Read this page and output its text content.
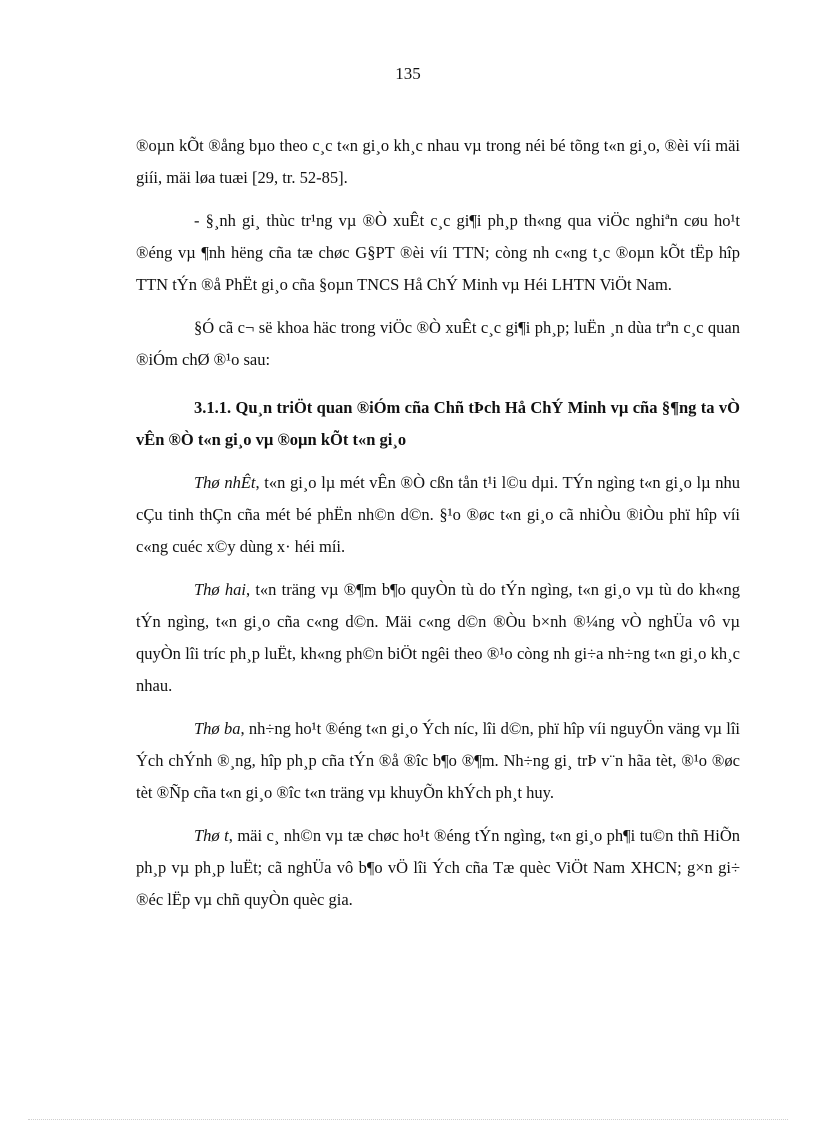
135

®oµn kÕt ®ång bµo theo c¸c t«n gi¸o kh¸c nhau vµ trong néi bé tõng t«n gi¸o, ®èi víi mäi giíi, mäi løa tuæi [29, tr. 52-85].

- §¸nh gi¸ thùc tr¹ng vµ ®Ò xuÊt c¸c gi¶i ph¸p th«ng qua viÖc nghiªn cøu ho¹t ®éng vµ ¶nh hëng cña tæ chøc G§PT ®èi víi TTN; còng nh c«ng t¸c ®oµn kÕt tËp hîp TTN tÝn ®å PhËt gi¸o cña §oµn TNCS Hå ChÝ Minh vµ Héi LHTN ViÖt Nam.

§Ó cã c¬ së khoa häc trong viÖc ®Ò xuÊt c¸c gi¶i ph¸p; luËn ¸n dùa trªn c¸c quan ®iÓm chØ ®¹o sau:

3.1.1. Qu¸n triÖt quan ®iÓm cña Chñ tÞch Hå ChÝ Minh vµ cña §¶ng ta vÒ vÊn ®Ò t«n gi¸o vµ ®oµn kÕt t«n gi¸o

Thø nhÊt, t«n gi¸o lµ mét vÊn ®Ò cßn tån t¹i l©u dµi. TÝn ngìng t«n gi¸o lµ nhu cÇu tinh thÇn cña mét bé phËn nh©n d©n. §¹o ®øc t«n gi¸o cã nhiÒu ®iÒu phï hîp víi c«ng cuéc x©y dùng x· héi míi.

Thø hai, t«n träng vµ ®¶m b¶o quyÒn tù do tÝn ngìng, t«n gi¸o vµ tù do kh«ng tÝn ngìng, t«n gi¸o cña c«ng d©n. Mäi c«ng d©n ®Òu b×nh ®¼ng vÒ nghÜa vô vµ quyÒn lîi tríc ph¸p luËt, kh«ng ph©n biÖt ngêi theo ®¹o còng nh gi÷a nh÷ng t«n gi¸o kh¸c nhau.

Thø ba, nh÷ng ho¹t ®éng t«n gi¸o Ých níc, lîi d©n, phï hîp víi nguyÖn väng vµ lîi Ých chÝnh ®¸ng, hîp ph¸p cña tÝn ®å ®îc b¶o ®¶m. Nh÷ng gi¸ trÞ v¨n hãa tèt, ®¹o ®øc tèt ®Ñp cña t«n gi¸o ®îc t«n träng vµ khuyÕn khÝch ph¸t huy.

Thø t, mäi c¸ nh©n vµ tæ chøc ho¹t ®éng tÝn ngìng, t«n gi¸o ph¶i tu©n thñ HiÕn ph¸p vµ ph¸p luËt; cã nghÜa vô b¶o vÖ lîi Ých cña Tæ quèc ViÖt Nam XHCN; g×n gi÷ ®éc lËp vµ chñ quyÒn quèc gia.
